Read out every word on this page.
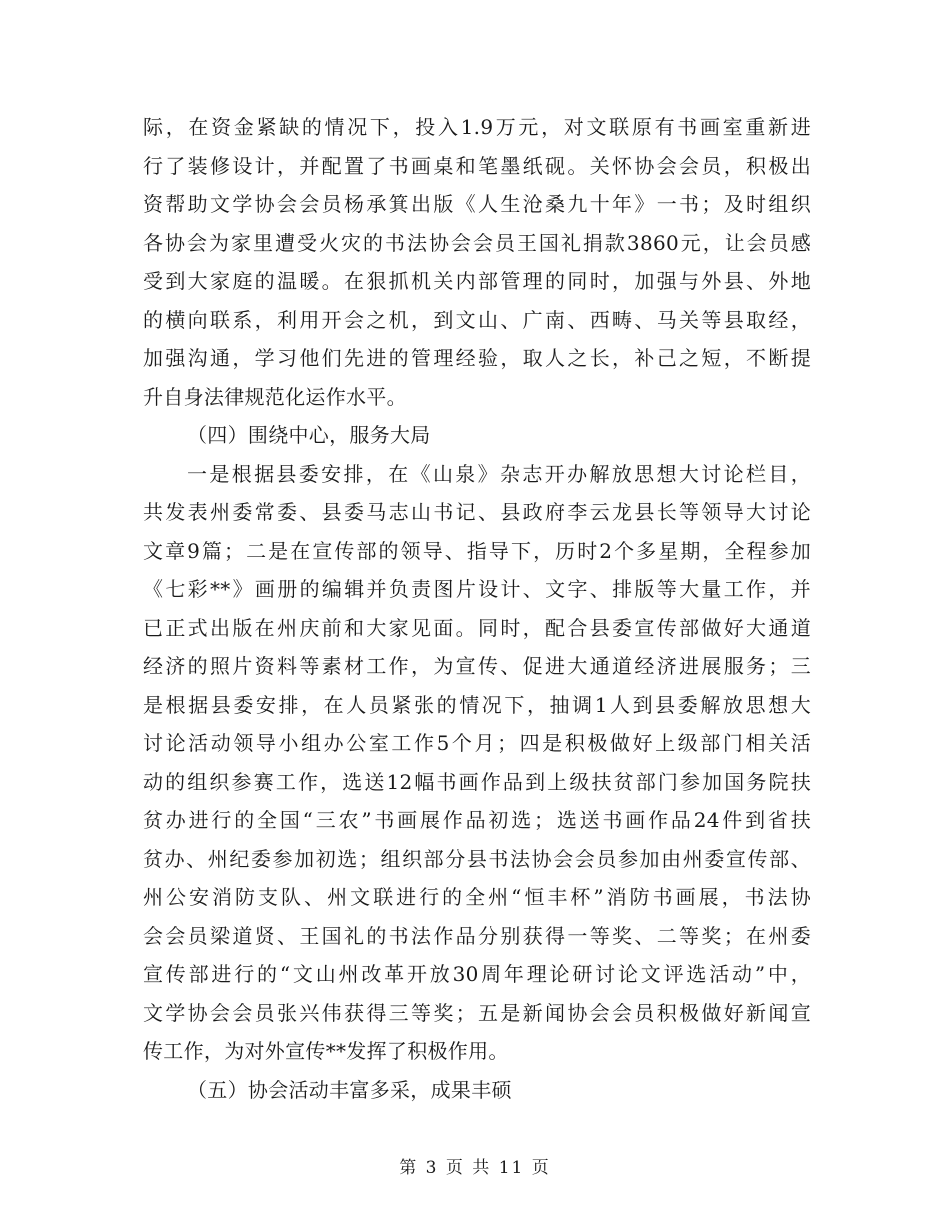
际，在资金紧缺的情况下，投入1.9万元，对文联原有书画室重新进
行了装修设计，并配置了书画桌和笔墨纸砚。关怀协会会员，积极出
资帮助文学协会会员杨承箕出版《人生沧桑九十年》一书；及时组织
各协会为家里遭受火灾的书法协会会员王国礼捐款3860元，让会员感
受到大家庭的温暖。在狠抓机关内部管理的同时，加强与外县、外地
的横向联系，利用开会之机，到文山、广南、西畴、马关等县取经，
加强沟通，学习他们先进的管理经验，取人之长，补己之短，不断提
升自身法律规范化运作水平。
（四）围绕中心，服务大局
一是根据县委安排，在《山泉》杂志开办解放思想大讨论栏目，
共发表州委常委、县委马志山书记、县政府李云龙县长等领导大讨论
文章9篇；二是在宣传部的领导、指导下，历时2个多星期，全程参加
《七彩**》画册的编辑并负责图片设计、文字、排版等大量工作，并
已正式出版在州庆前和大家见面。同时，配合县委宣传部做好大通道
经济的照片资料等素材工作，为宣传、促进大通道经济进展服务；三
是根据县委安排，在人员紧张的情况下，抽调1人到县委解放思想大
讨论活动领导小组办公室工作5个月；四是积极做好上级部门相关活
动的组织参赛工作，选送12幅书画作品到上级扶贫部门参加国务院扶
贫办进行的全国“三农”书画展作品初选；选送书画作品24件到省扶
贫办、州纪委参加初选；组织部分县书法协会会员参加由州委宣传部、
州公安消防支队、州文联进行的全州“恒丰杯”消防书画展，书法协
会会员梁道贤、王国礼的书法作品分别获得一等奖、二等奖；在州委
宣传部进行的“文山州改革开放30周年理论研讨论文评选活动”中，
文学协会会员张兴伟获得三等奖；五是新闻协会会员积极做好新闻宣
传工作，为对外宣传**发挥了积极作用。
（五）协会活动丰富多采，成果丰硕
第 3 页 共 11 页
